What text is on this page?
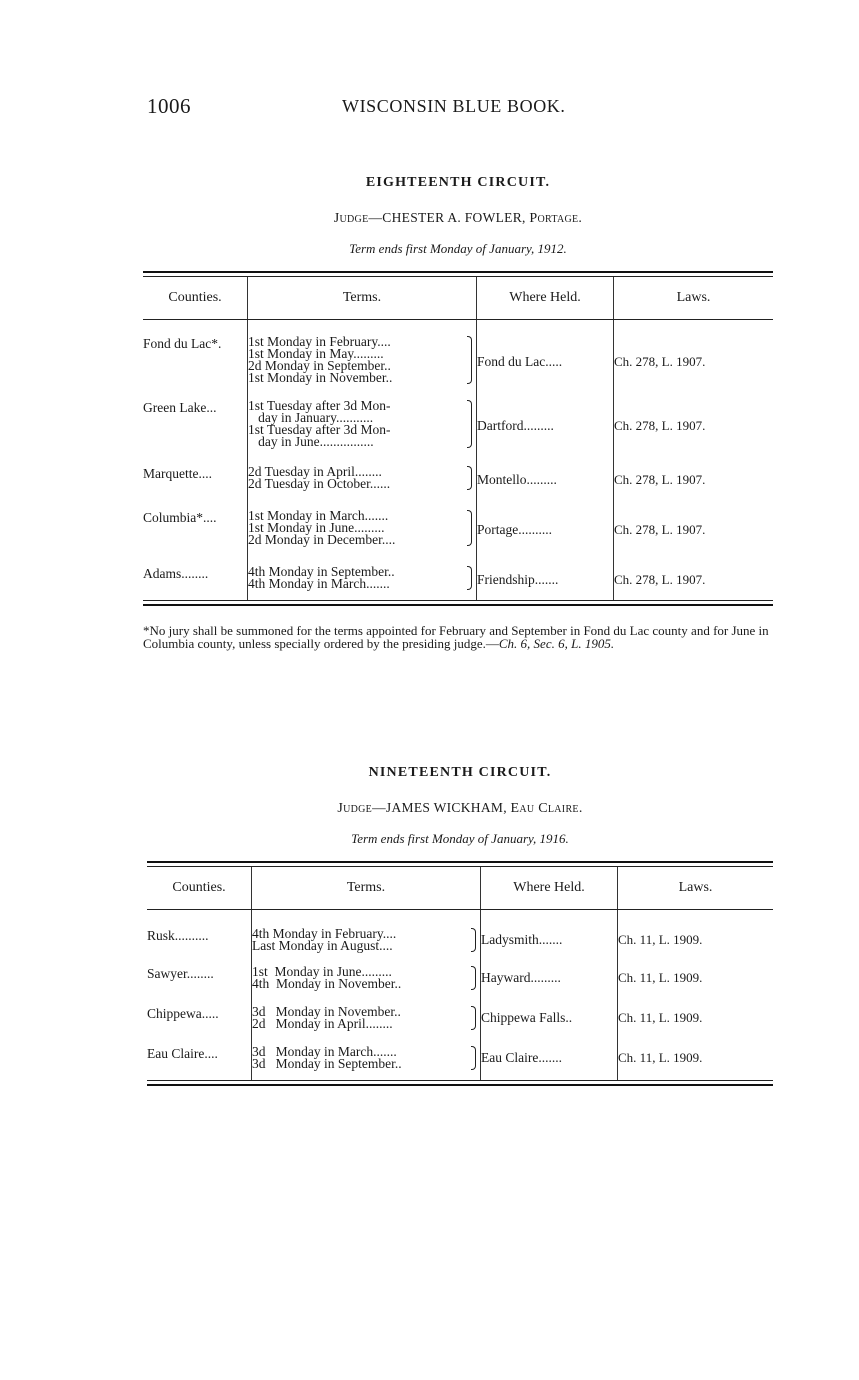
1006	WISCONSIN BLUE BOOK.
EIGHTEENTH CIRCUIT.
Judge—CHESTER A. FOWLER, Portage.
Term ends first Monday of January, 1912.
Counties.	Terms.	Where Held.	Laws.
Fond du Lac*.	1st Monday in February....
1st Monday in May.........
2d Monday in September..
1st Monday in November..	Fond du Lac.....	Ch. 278, L. 1907.
Green Lake...	1st Tuesday after 3d Mon-
day in January...........
1st Tuesday after 3d Mon-
day in June................	Dartford.........	Ch. 278, L. 1907.
Marquette....	2d Tuesday in April........
2d Tuesday in October......	Montello.........	Ch. 278, L. 1907.
Columbia*....	1st Monday in March.......
1st Monday in June.........
2d Monday in December....	Portage..........	Ch. 278, L. 1907.
Adams........	4th Monday in September..
4th Monday in March.......	Friendship.......	Ch. 278, L. 1907.
*No jury shall be summoned for the terms appointed for February and September in Fond du Lac county and for June in Columbia county, unless specially ordered by the presiding judge.—Ch. 6, Sec. 6, L. 1905.
NINETEENTH CIRCUIT.
Judge—JAMES WICKHAM, Eau Claire.
Term ends first Monday of January, 1916.
Counties.	Terms.	Where Held.	Laws.
Rusk..........	4th Monday in February....
Last Monday in August....	Ladysmith.......	Ch. 11, L. 1909.
Sawyer........	1st  Monday in June.........
4th  Monday in November..	Hayward.........	Ch. 11, L. 1909.
Chippewa.....	3d   Monday in November..
2d   Monday in April........	Chippewa Falls..	Ch. 11, L. 1909.
Eau Claire....	3d   Monday in March.......
3d   Monday in September..	Eau Claire.......	Ch. 11, L. 1909.
